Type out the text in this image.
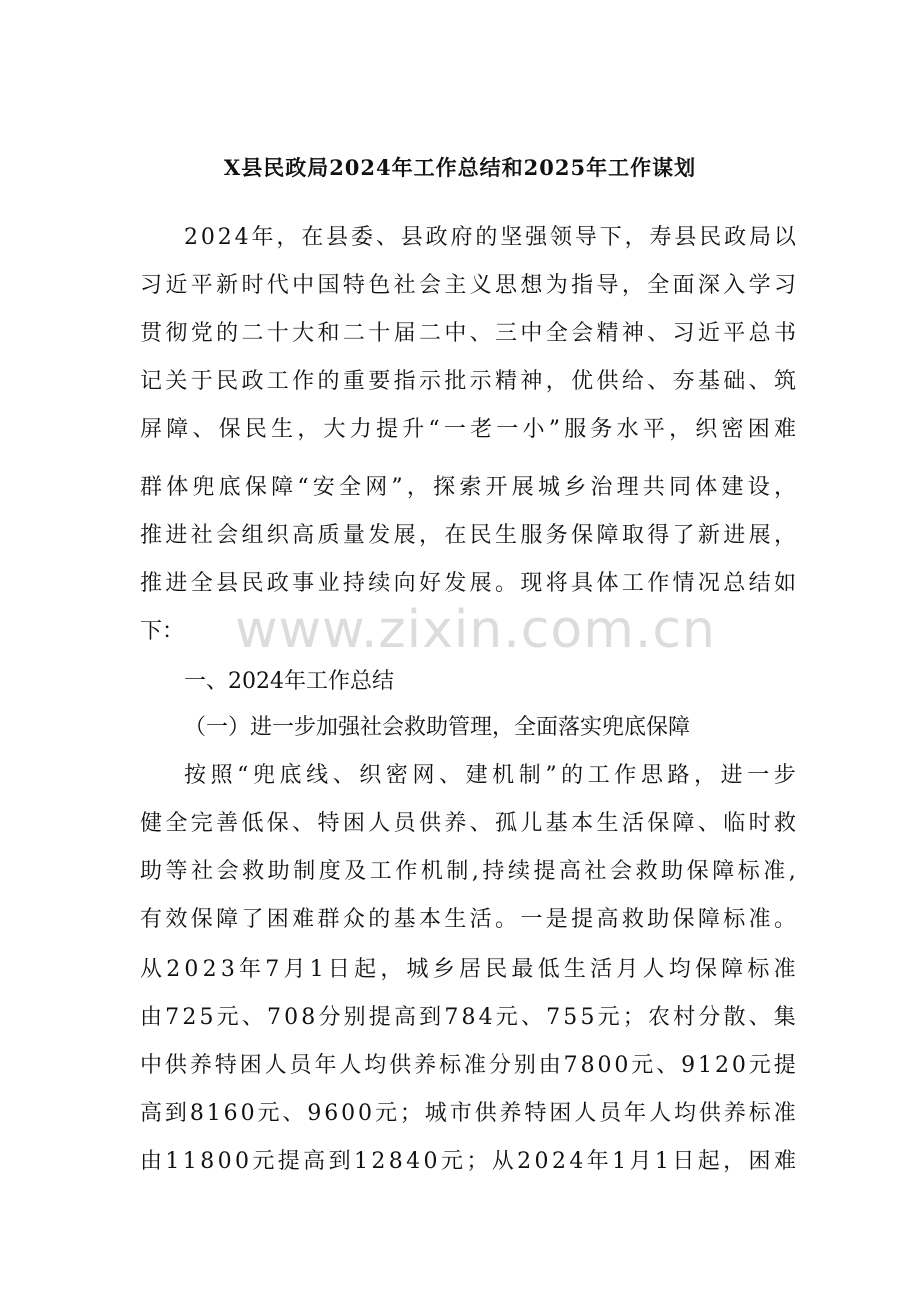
X县民政局2024年工作总结和2025年工作谋划
2 0 2 4 年 ， 在 县 委 、 县 政 府 的 坚 强 领 导 下 ， 寿 县 民 政 局 以
习 近 平 新 时 代 中 国 特 色 社 会 主 义 思 想 为 指 导 ， 全 面 深 入 学 习
贯 彻 党 的 二 十 大 和 二 十 届 二 中 、 三 中 全 会 精 神 、 习 近 平 总 书
记 关 于 民 政 工 作 的 重 要 指 示 批 示 精 神 ， 优 供 给 、 夯 基 础 、 筑
屏 障 、 保 民 生 ， 大 力 提 升 “ 一 老 一 小 ” 服 务 水 平 ， 织 密 困 难
群 体 兜 底 保 障 “ 安 全 网 ” ， 探 索 开 展 城 乡 治 理 共 同 体 建 设 ，
推 进 社 会 组 织 高 质 量 发 展 ， 在 民 生 服 务 保 障 取 得 了 新 进 展 ，
推 进 全 县 民 政 事 业 持 续 向 好 发 展 。 现 将 具 体 工 作 情 况 总 结 如
下：
一、2024年工作总结
（一）进一步加强社会救助管理，全面落实兜底保障
按 照 “ 兜 底 线 、 织 密 网 、 建 机 制 ” 的 工 作 思 路 ， 进 一 步
健 全 完 善 低 保 、 特 困 人 员 供 养 、 孤 儿 基 本 生 活 保 障 、 临 时 救
助 等 社 会 救 助 制 度 及 工 作 机 制 , 持 续 提 高 社 会 救 助 保 障 标 准 ,
有 效 保 障 了 困 难 群 众 的 基 本 生 活 。 一 是 提 高 救 助 保 障 标 准 。
从 2 0 2 3 年 7 月 1 日 起 ， 城 乡 居 民 最 低 生 活 月 人 均 保 障 标 准
由 7 2 5 元 、 7 0 8 分 别 提 高 到 7 8 4 元 、 7 5 5 元 ； 农 村 分 散 、 集
中 供 养 特 困 人 员 年 人 均 供 养 标 准 分 别 由 7 8 0 0 元 、 9 1 2 0 元 提
高 到 8 1 6 0 元 、 9 6 0 0 元 ； 城 市 供 养 特 困 人 员 年 人 均 供 养 标 准
由 1 1 8 0 0 元 提 高 到 1 2 8 4 0 元 ； 从 2 0 2 4 年 1 月 1 日 起 ， 困 难
www.zixin.com.cn
